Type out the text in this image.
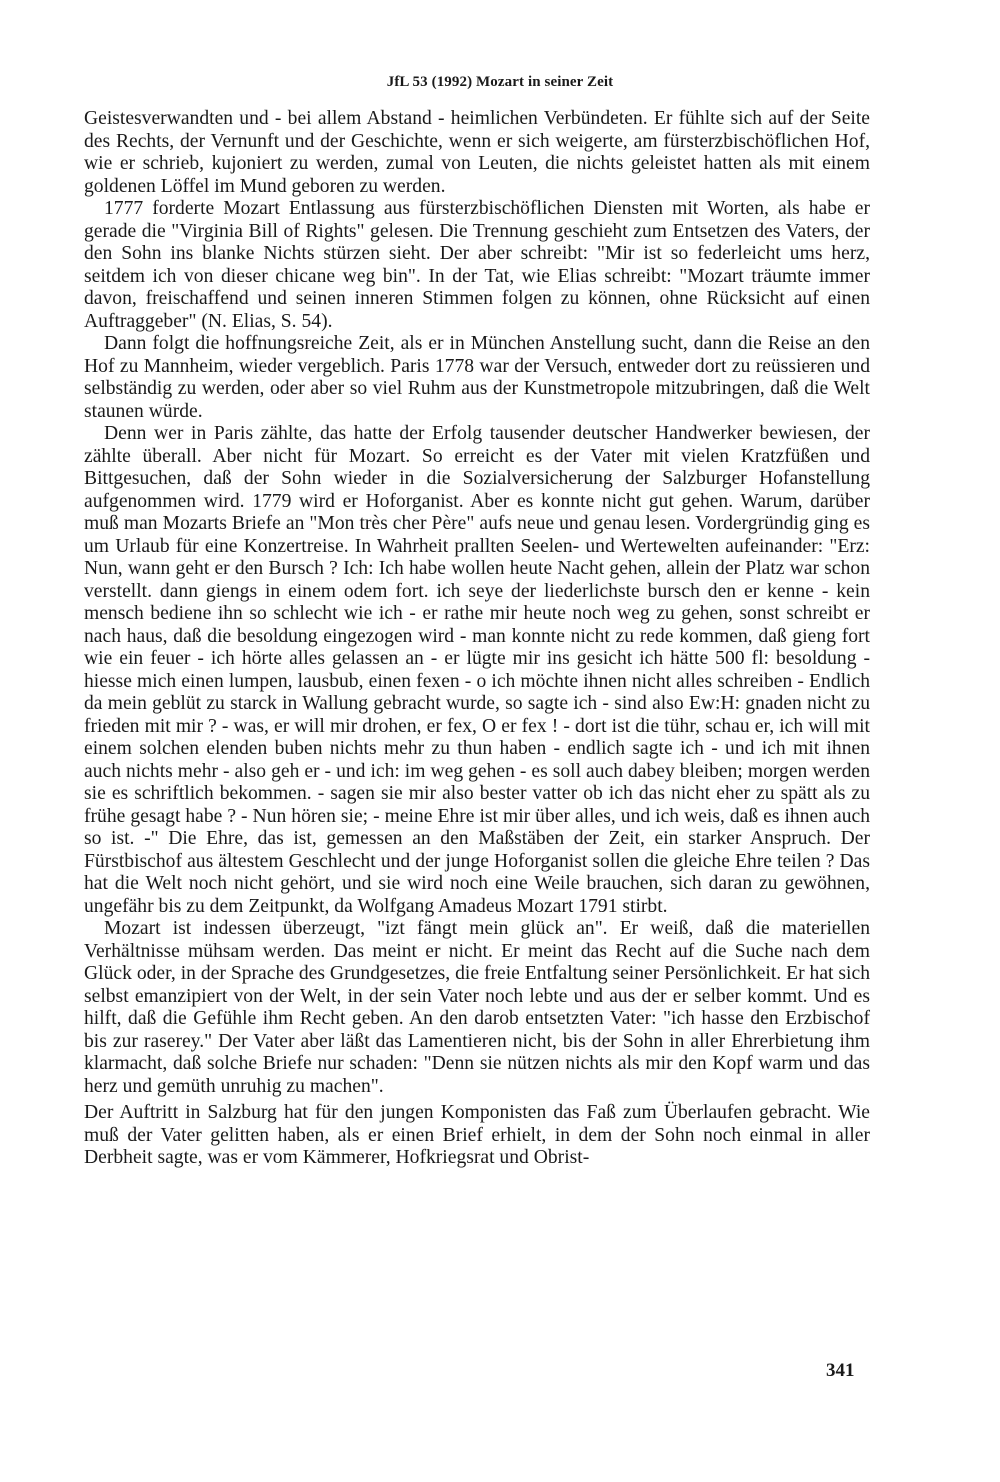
JfL 53 (1992) Mozart in seiner Zeit

Geistesverwandten und - bei allem Abstand - heimlichen Verbündeten. Er fühlte sich auf der Seite des Rechts, der Vernunft und der Geschichte, wenn er sich weigerte, am fürsterzbischöflichen Hof, wie er schrieb, kujoniert zu werden, zumal von Leuten, die nichts geleistet hatten als mit einem goldenen Löffel im Mund geboren zu werden.

1777 forderte Mozart Entlassung aus fürsterzbischöflichen Diensten mit Worten, als habe er gerade die "Virginia Bill of Rights" gelesen. Die Trennung geschieht zum Entsetzen des Vaters, der den Sohn ins blanke Nichts stürzen sieht. Der aber schreibt: "Mir ist so federleicht ums herz, seitdem ich von dieser chicane weg bin". In der Tat, wie Elias schreibt: "Mozart träumte immer davon, freischaffend und seinen inneren Stimmen folgen zu können, ohne Rücksicht auf einen Auftraggeber" (N. Elias, S. 54).

Dann folgt die hoffnungsreiche Zeit, als er in München Anstellung sucht, dann die Reise an den Hof zu Mannheim, wieder vergeblich. Paris 1778 war der Versuch, entweder dort zu reüssieren und selbständig zu werden, oder aber so viel Ruhm aus der Kunstmetropole mitzubringen, daß die Welt staunen würde.

Denn wer in Paris zählte, das hatte der Erfolg tausender deutscher Handwerker bewiesen, der zählte überall. Aber nicht für Mozart. So erreicht es der Vater mit vielen Kratzfüßen und Bittgesuchen, daß der Sohn wieder in die Sozialversicherung der Salzburger Hofanstellung aufgenommen wird. 1779 wird er Hoforganist. Aber es konnte nicht gut gehen. Warum, darüber muß man Mozarts Briefe an "Mon très cher Père" aufs neue und genau lesen. Vordergründig ging es um Urlaub für eine Konzertreise. In Wahrheit prallten Seelen- und Wertewelten aufeinander: "Erz: Nun, wann geht er den Bursch ? Ich: Ich habe wollen heute Nacht gehen, allein der Platz war schon verstellt. dann giengs in einem odem fort. ich seye der liederlichste bursch den er kenne - kein mensch bediene ihn so schlecht wie ich - er rathe mir heute noch weg zu gehen, sonst schreibt er nach haus, daß die besoldung eingezogen wird - man konnte nicht zu rede kommen, daß gieng fort wie ein feuer - ich hörte alles gelassen an - er lügte mir ins gesicht ich hätte 500 fl: besoldung - hiesse mich einen lumpen, lausbub, einen fexen - o ich möchte ihnen nicht alles schreiben - Endlich da mein geblüt zu starck in Wallung gebracht wurde, so sagte ich - sind also Ew:H: gnaden nicht zu frieden mit mir ? - was, er will mir drohen, er fex, O er fex ! - dort ist die tühr, schau er, ich will mit einem solchen elenden buben nichts mehr zu thun haben - endlich sagte ich - und ich mit ihnen auch nichts mehr - also geh er - und ich: im weg gehen - es soll auch dabey bleiben; morgen werden sie es schriftlich bekommen. - sagen sie mir also bester vatter ob ich das nicht eher zu spätt als zu frühe gesagt habe ? - Nun hören sie; - meine Ehre ist mir über alles, und ich weis, daß es ihnen auch so ist. -" Die Ehre, das ist, gemessen an den Maßstäben der Zeit, ein starker Anspruch. Der Fürstbischof aus ältestem Geschlecht und der junge Hoforganist sollen die gleiche Ehre teilen ? Das hat die Welt noch nicht gehört, und sie wird noch eine Weile brauchen, sich daran zu gewöhnen, ungefähr bis zu dem Zeitpunkt, da Wolfgang Amadeus Mozart 1791 stirbt.

Mozart ist indessen überzeugt, "izt fängt mein glück an". Er weiß, daß die materiellen Verhältnisse mühsam werden. Das meint er nicht. Er meint das Recht auf die Suche nach dem Glück oder, in der Sprache des Grundgesetzes, die freie Entfaltung seiner Persönlichkeit. Er hat sich selbst emanzipiert von der Welt, in der sein Vater noch lebte und aus der er selber kommt. Und es hilft, daß die Gefühle ihm Recht geben. An den darob entsetzten Vater: "ich hasse den Erzbischof bis zur raserey." Der Vater aber läßt das Lamentieren nicht, bis der Sohn in aller Ehrerbietung ihm klarmacht, daß solche Briefe nur schaden: "Denn sie nützen nichts als mir den Kopf warm und das herz und gemüth unruhig zu machen".

Der Auftritt in Salzburg hat für den jungen Komponisten das Faß zum Überlaufen gebracht. Wie muß der Vater gelitten haben, als er einen Brief erhielt, in dem der Sohn noch einmal in aller Derbheit sagte, was er vom Kämmerer, Hofkriegsrat und Obrist-

341
